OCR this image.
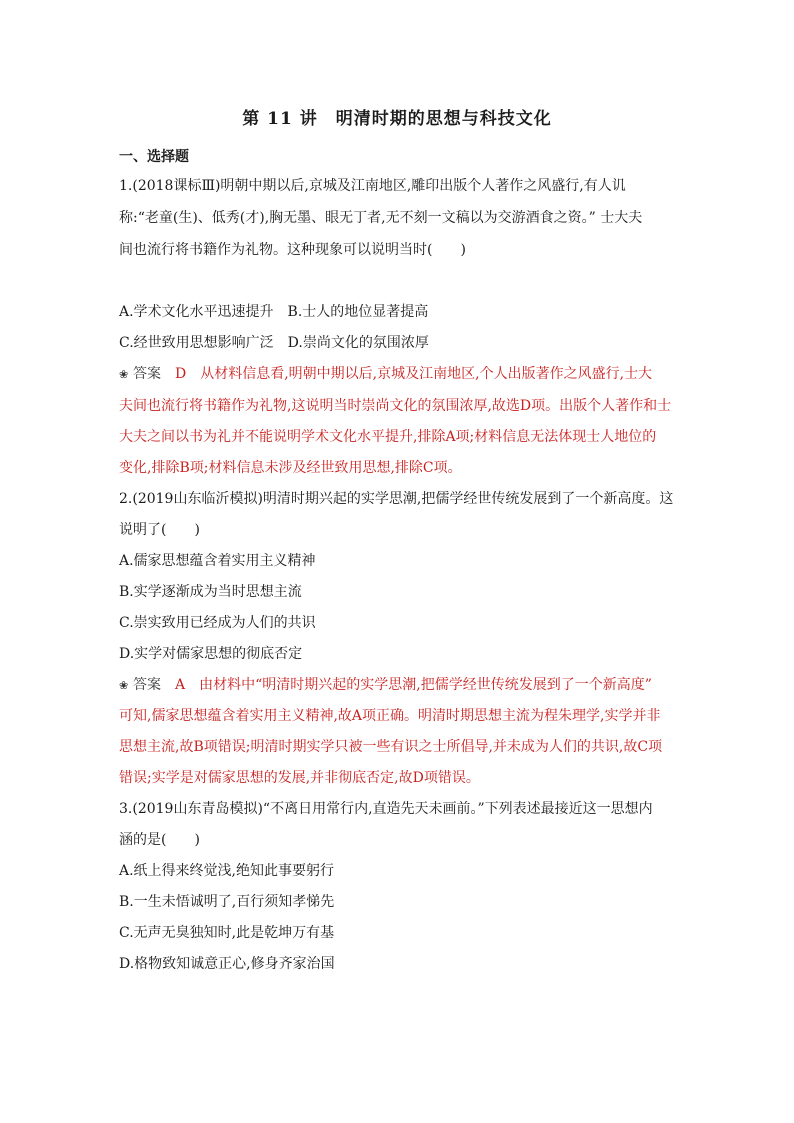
第 11 讲　明清时期的思想与科技文化
一、选择题
1.(2018课标Ⅲ)明朝中期以后,京城及江南地区,雕印出版个人著作之风盛行,有人讥
称:“老童(生)、低秀(才),胸无墨、眼无丁者,无不刻一文稿以为交游酒食之资。” 士大夫
间也流行将书籍作为礼物。这种现象可以说明当时(　　)
A.学术文化水平迅速提升　B.士人的地位显著提高
C.经世致用思想影响广泛　D.崇尚文化的氛围浓厚
❀ 答案 D 从材料信息看,明朝中期以后,京城及江南地区,个人出版著作之风盛行,士大
夫间也流行将书籍作为礼物,这说明当时崇尚文化的氛围浓厚,故选D项。出版个人著作和士
大夫之间以书为礼并不能说明学术文化水平提升,排除A项;材料信息无法体现士人地位的
变化,排除B项;材料信息未涉及经世致用思想,排除C项。
2.(2019山东临沂模拟)明清时期兴起的实学思潮,把儒学经世传统发展到了一个新高度。这
说明了(　　)
A.儒家思想蕴含着实用主义精神
B.实学逐渐成为当时思想主流
C.崇实致用已经成为人们的共识
D.实学对儒家思想的彻底否定
❀ 答案 A 由材料中“明清时期兴起的实学思潮,把儒学经世传统发展到了一个新高度”
可知,儒家思想蕴含着实用主义精神,故A项正确。明清时期思想主流为程朱理学,实学并非
思想主流,故B项错误;明清时期实学只被一些有识之士所倡导,并未成为人们的共识,故C项
错误;实学是对儒家思想的发展,并非彻底否定,故D项错误。
3.(2019山东青岛模拟)“不离日用常行内,直造先天未画前。”下列表述最接近这一思想内
涵的是(　　)
A.纸上得来终觉浅,绝知此事要躬行
B.一生未悟诚明了,百行须知孝悌先
C.无声无臭独知时,此是乾坤万有基
D.格物致知诚意正心,修身齐家治国
